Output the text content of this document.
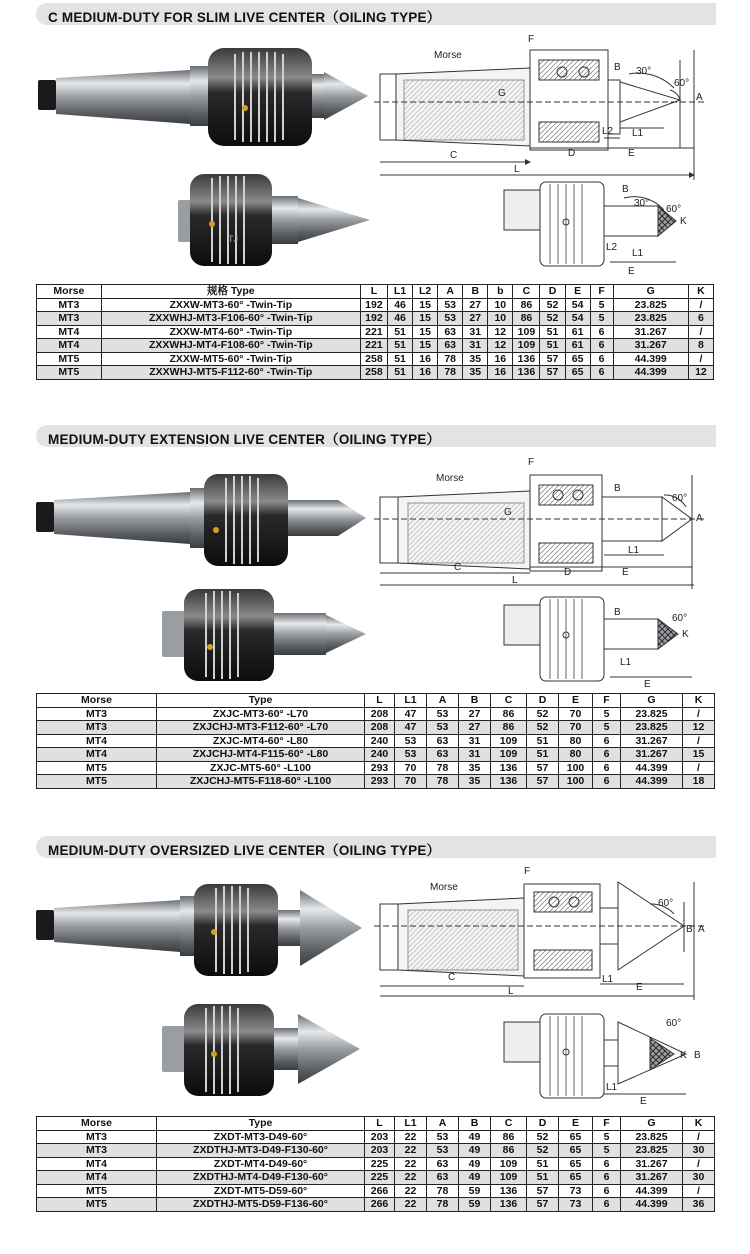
C MEDIUM-DUTY FOR SLIM LIVE CENTER（OILING TYPE）
TJ
Morse
F
B 30°
60°
A
G
L2 L1
C	D	E
L
K
B
30°
60°
L2
L1
E
Morse	规格 Type	L	L1	L2	A	B	b	C	D	E	F	G	K
MT3	ZXXW-MT3-60° -Twin-Tip	192	46	15	53	27	10	86	52	54	5	23.825	/
MT3	ZXXWHJ-MT3-F106-60° -Twin-Tip	192	46	15	53	27	10	86	52	54	5	23.825	6
MT4	ZXXW-MT4-60° -Twin-Tip	221	51	15	63	31	12	109	51	61	6	31.267	/
MT4	ZXXWHJ-MT4-F108-60° -Twin-Tip	221	51	15	63	31	12	109	51	61	6	31.267	8
MT5	ZXXW-MT5-60° -Twin-Tip	258	51	16	78	35	16	136	57	65	6	44.399	/
MT5	ZXXWHJ-MT5-F112-60° -Twin-Tip	258	51	16	78	35	16	136	57	65	6	44.399	12
MEDIUM-DUTY EXTENSION LIVE CENTER（OILING TYPE）
Morse
F
B
60°
A
G
L1
C	D	E
L
B
60°
K
L1
E
Morse	Type	L	L1	A	B	C	D	E	F	G	K
MT3	ZXJC-MT3-60° -L70	208	47	53	27	86	52	70	5	23.825	/
MT3	ZXJCHJ-MT3-F112-60° -L70	208	47	53	27	86	52	70	5	23.825	12
MT4	ZXJC-MT4-60° -L80	240	53	63	31	109	51	80	6	31.267	/
MT4	ZXJCHJ-MT4-F115-60° -L80	240	53	63	31	109	51	80	6	31.267	15
MT5	ZXJC-MT5-60° -L100	293	70	78	35	136	57	100	6	44.399	/
MT5	ZXJCHJ-MT5-F118-60° -L100	293	70	78	35	136	57	100	6	44.399	18
MEDIUM-DUTY OVERSIZED LIVE CENTER（OILING TYPE）
Morse
F
60°
B A
L1
C
E
L
60°
B
K
L1
E
Morse	Type	L	L1	A	B	C	D	E	F	G	K
MT3	ZXDT-MT3-D49-60°	203	22	53	49	86	52	65	5	23.825	/
MT3	ZXDTHJ-MT3-D49-F130-60°	203	22	53	49	86	52	65	5	23.825	30
MT4	ZXDT-MT4-D49-60°	225	22	63	49	109	51	65	6	31.267	/
MT4	ZXDTHJ-MT4-D49-F130-60°	225	22	63	49	109	51	65	6	31.267	30
MT5	ZXDT-MT5-D59-60°	266	22	78	59	136	57	73	6	44.399	/
MT5	ZXDTHJ-MT5-D59-F136-60°	266	22	78	59	136	57	73	6	44.399	36
